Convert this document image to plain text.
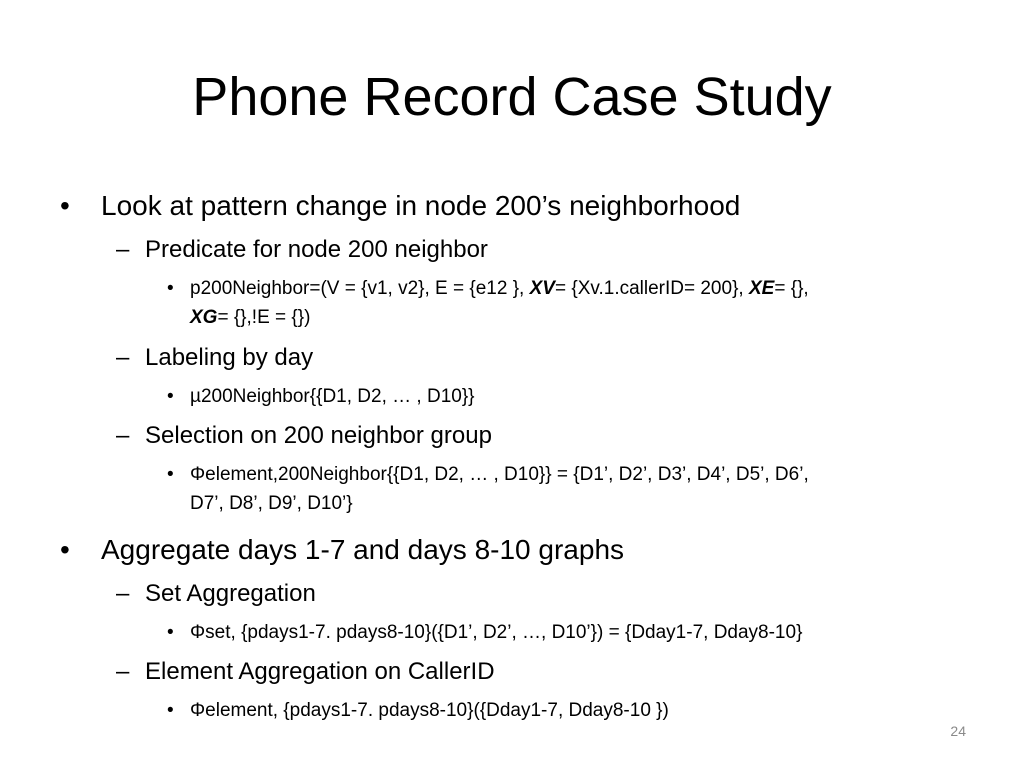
Phone Record Case Study
• Look at pattern change in node 200’s neighborhood
– Predicate for node 200 neighbor
• p200Neighbor=(V = {v1, v2}, E = {e12 }, XV= {Xv.1.callerID= 200}, XE= {},
XG= {},!E = {})
– Labeling by day
• µ200Neighbor{{D1, D2, … , D10}}
– Selection on 200 neighbor group
• Φelement,200Neighbor{{D1, D2, … , D10}} = {D1’, D2’, D3’, D4’, D5’, D6’,
D7’, D8’, D9’, D10’}
• Aggregate days 1-7 and days 8-10 graphs
– Set Aggregation
• Φset, {pdays1-7. pdays8-10}({D1’, D2’, …, D10’}) = {Dday1-7, Dday8-10}
– Element Aggregation on CallerID
• Φelement, {pdays1-7. pdays8-10}({Dday1-7, Dday8-10 })
24
